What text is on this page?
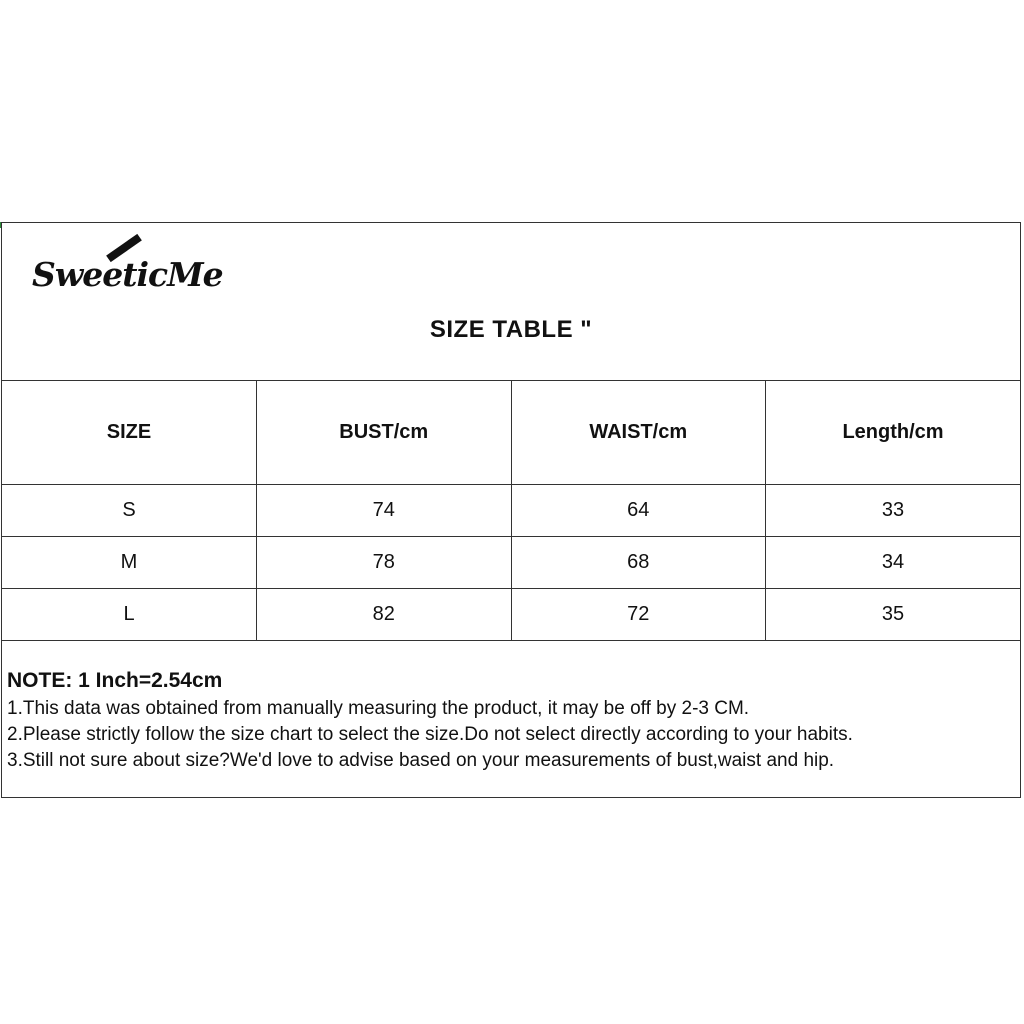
SweeticMe
SIZE TABLE "
SIZE	BUST/cm	WAIST/cm	Length/cm
S	74	64	33
M	78	68	34
L	82	72	35

NOTE: 1 Inch=2.54cm

1.This data was obtained from manually measuring the product, it may be off by 2-3 CM.

2.Please strictly follow the size chart to select the size.Do not select directly according to your habits.

3.Still not sure about size?We'd love to advise based on your measurements of bust,waist and hip.
